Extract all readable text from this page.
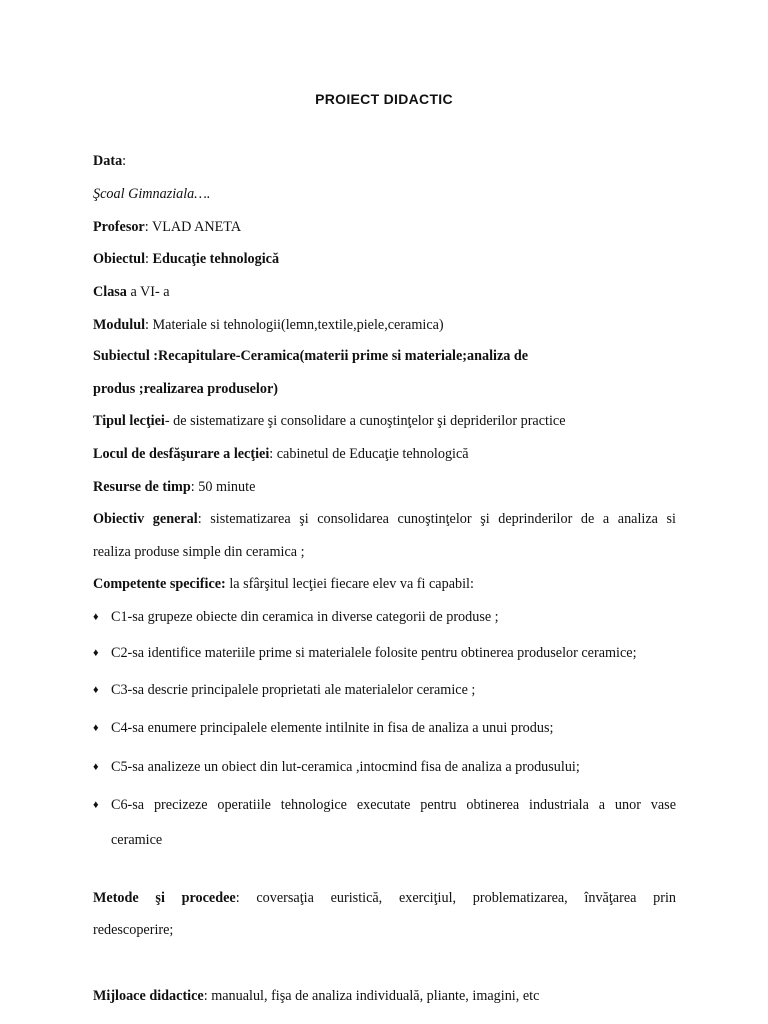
PROIECT DIDACTIC
Data:
Şcoal Gimnaziala….
Profesor: VLAD ANETA
Obiectul: Educaţie tehnologică
Clasa a VI- a
Modulul: Materiale si tehnologii(lemn,textile,piele,ceramica)
Subiectul :Recapitulare-Ceramica(materii prime si materiale;analiza de
produs ;realizarea produselor)
Tipul lecţiei- de sistematizare şi consolidare a cunoştinţelor şi depriderilor practice
Locul de desfăşurare a lecţiei: cabinetul de Educaţie tehnologică
Resurse de timp: 50 minute
Obiectiv general: sistematizarea şi consolidarea cunoştinţelor şi deprinderilor de a analiza si
realiza produse simple din ceramica ;
Competente specifice: la sfârşitul lecţiei fiecare elev va fi capabil:
♦ C1-sa grupeze obiecte din ceramica in diverse categorii de produse ;
♦ C2-sa identifice materiile prime si materialele folosite pentru obtinerea produselor ceramice;
♦ C3-sa descrie principalele proprietati ale materialelor ceramice ;
♦ C4-sa enumere principalele elemente intilnite in fisa de analiza a unui produs;
♦ C5-sa analizeze un obiect din lut-ceramica ,intocmind fisa de analiza a produsului;
♦ C6-sa precizeze operatiile tehnologice executate pentru obtinerea industriala a unor vase
ceramice
Metode şi procedee: coversaţia euristică, exerciţiul, problematizarea, învăţarea prin
redescoperire;
Mijloace didactice: manualul, fişa de analiza individuală, pliante, imagini, etc
